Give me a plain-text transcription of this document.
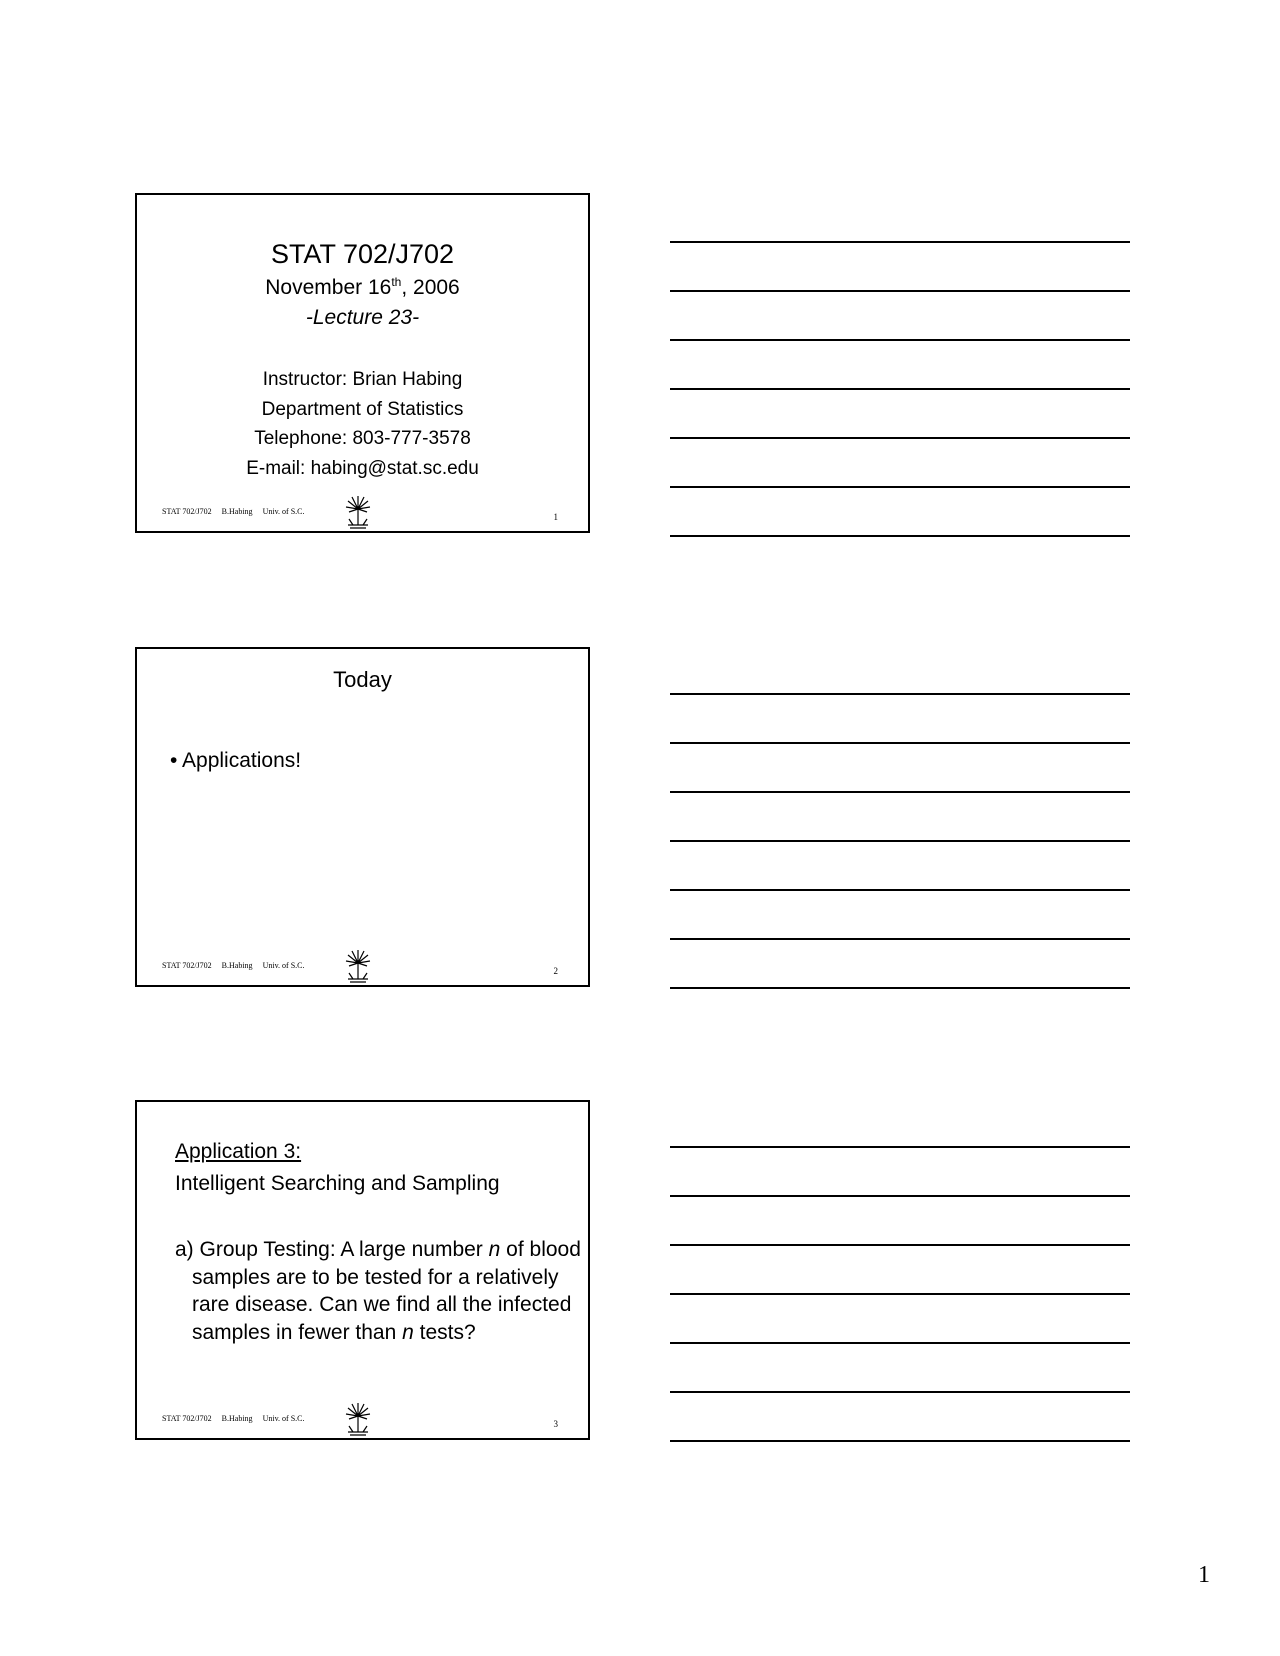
STAT 702/J702
November 16th, 2006
-Lecture 23-
Instructor: Brian Habing
Department of Statistics
Telephone: 803-777-3578
E-mail: habing@stat.sc.edu
STAT 702/J702 B.Habing Univ. of S.C.
1
Today
• Applications!
STAT 702/J702 B.Habing Univ. of S.C.
2
Application 3:
Intelligent Searching and Sampling
a) Group Testing: A large number n of blood samples are to be tested for a relatively rare disease. Can we find all the infected samples in fewer than n tests?
STAT 702/J702 B.Habing Univ. of S.C.
3
1
